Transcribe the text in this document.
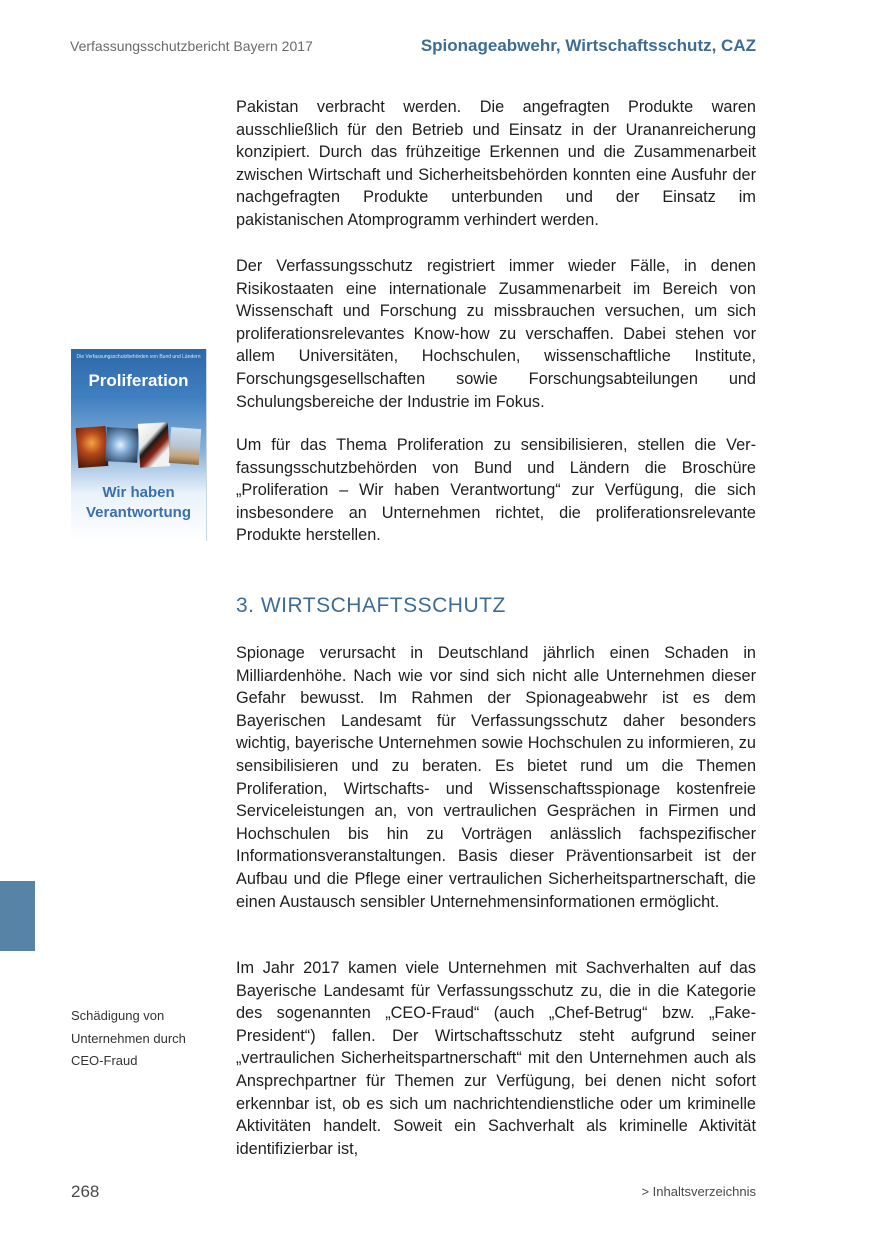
Verfassungsschutzbericht Bayern 2017	Spionageabwehr, Wirtschaftsschutz, CAZ

Pakistan verbracht werden. Die angefragten Produkte waren ausschließlich für den Betrieb und Einsatz in der Urananreicherung konzipiert. Durch das frühzeitige Erkennen und die Zusammenarbeit zwischen Wirtschaft und Sicherheitsbehörden konnten eine Ausfuhr der nachgefragten Produkte unterbunden und der Einsatz im pakistanischen Atomprogramm verhindert werden.

Der Verfassungsschutz registriert immer wieder Fälle, in denen Risikostaaten eine internationale Zusammenarbeit im Bereich von Wissenschaft und Forschung zu missbrauchen versuchen, um sich proliferationsrelevantes Know-how zu verschaffen. Dabei stehen vor allem Universitäten, Hochschulen, wissenschaftliche Institute, Forschungsgesellschaften sowie Forschungsabteilungen und Schulungsbereiche der Industrie im Fokus.

Um für das Thema Proliferation zu sensibilisieren, stellen die Verfassungsschutzbehörden von Bund und Ländern die Broschüre „Proliferation – Wir haben Verantwortung“ zur Verfügung, die sich insbesondere an Unternehmen richtet, die proliferationsrelevante Produkte herstellen.

Die Verfassungsschutzbehörden von Bund und Ländern
Proliferation
Wir haben
Verantwortung
3. WIRTSCHAFTSSCHUTZ

Spionage verursacht in Deutschland jährlich einen Schaden in Milliardenhöhe. Nach wie vor sind sich nicht alle Unternehmen dieser Gefahr bewusst. Im Rahmen der Spionageabwehr ist es dem Bayerischen Landesamt für Verfassungsschutz daher besonders wichtig, bayerische Unternehmen sowie Hochschulen zu informieren, zu sensibilisieren und zu beraten. Es bietet rund um die Themen Proliferation, Wirtschafts- und Wissenschaftsspionage kostenfreie Serviceleistungen an, von vertraulichen Gesprächen in Firmen und Hochschulen bis hin zu Vorträgen anlässlich fachspezifischer Informationsveranstaltungen. Basis dieser Präventionsarbeit ist der Aufbau und die Pflege einer vertraulichen Sicherheitspartnerschaft, die einen Austausch sensibler Unternehmensinformationen ermöglicht.

Im Jahr 2017 kamen viele Unternehmen mit Sachverhalten auf das Bayerische Landesamt für Verfassungsschutz zu, die in die Kategorie des sogenannten „CEO-Fraud“ (auch „Chef-Betrug“ bzw. „Fake-President“) fallen. Der Wirtschaftsschutz steht aufgrund seiner „vertraulichen Sicherheitspartnerschaft“ mit den Unternehmen auch als Ansprechpartner für Themen zur Verfügung, bei denen nicht sofort erkennbar ist, ob es sich um nachrichtendienstliche oder um kriminelle Aktivitäten handelt. Soweit ein Sachverhalt als kriminelle Aktivität identifizierbar ist,

Schädigung von
Unternehmen durch
CEO-Fraud
268	> Inhaltsverzeichnis
